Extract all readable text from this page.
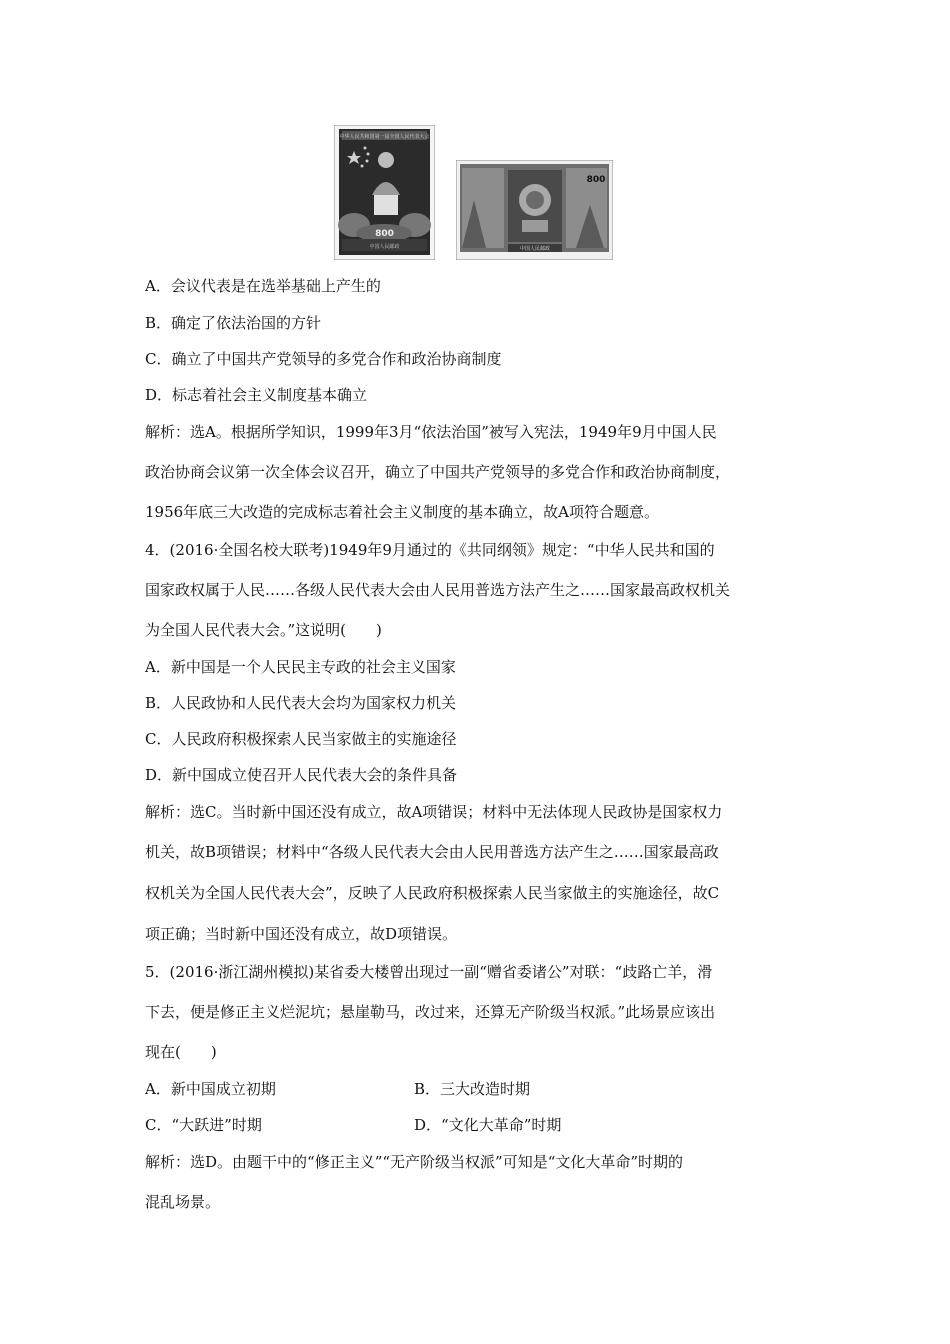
中华人民共和国第一届全国人民代表大会
800
中国人民邮政
800
中国人民邮政
A．会议代表是在选举基础上产生的
B．确定了依法治国的方针
C．确立了中国共产党领导的多党合作和政治协商制度
D．标志着社会主义制度基本确立
解析：选A。根据所学知识，1999年3月“依法治国”被写入宪法，1949年9月中国人民
政治协商会议第一次全体会议召开，确立了中国共产党领导的多党合作和政治协商制度，
1956年底三大改造的完成标志着社会主义制度的基本确立，故A项符合题意。
4．(2016·全国名校大联考)1949年9月通过的《共同纲领》规定：“中华人民共和国的
国家政权属于人民……各级人民代表大会由人民用普选方法产生之……国家最高政权机关
为全国人民代表大会。”这说明(　　)
A．新中国是一个人民民主专政的社会主义国家
B．人民政协和人民代表大会均为国家权力机关
C．人民政府积极探索人民当家做主的实施途径
D．新中国成立使召开人民代表大会的条件具备
解析：选C。当时新中国还没有成立，故A项错误；材料中无法体现人民政协是国家权力
机关，故B项错误；材料中“各级人民代表大会由人民用普选方法产生之……国家最高政
权机关为全国人民代表大会”，反映了人民政府积极探索人民当家做主的实施途径，故C
项正确；当时新中国还没有成立，故D项错误。
5．(2016·浙江湖州模拟)某省委大楼曾出现过一副“赠省委诸公”对联：“歧路亡羊，滑
下去，便是修正主义烂泥坑；悬崖勒马，改过来，还算无产阶级当权派。”此场景应该出
现在(　　)
A．新中国成立初期	B．三大改造时期
C．“大跃进”时期	D．“文化大革命”时期
解析：选D。由题干中的“修正主义”“无产阶级当权派”可知是“文化大革命”时期的
混乱场景。
